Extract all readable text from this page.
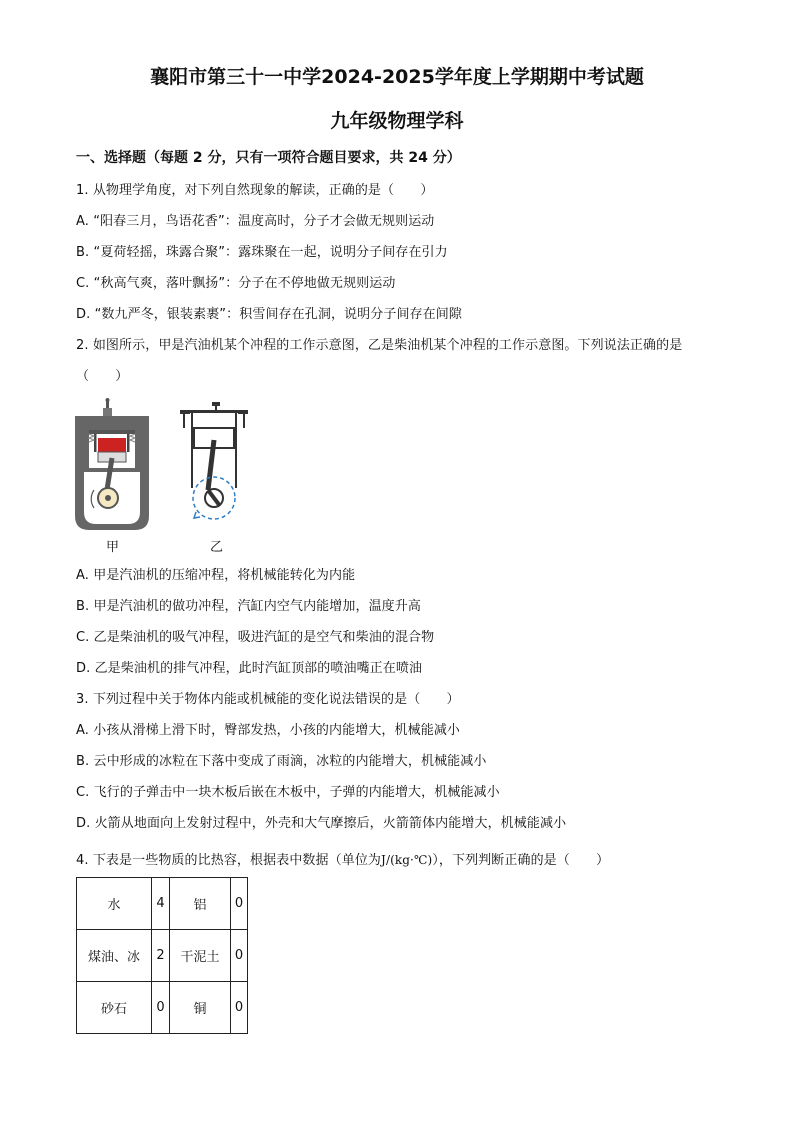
襄阳市第三十一中学2024-2025学年度上学期期中考试题
九年级物理学科
一、选择题（每题 2 分，只有一项符合题目要求，共 24 分）
1. 从物理学角度，对下列自然现象的解读，正确的是（　　）
A. “阳春三月，鸟语花香”：温度高时，分子才会做无规则运动
B. “夏荷轻摇，珠露合聚”：露珠聚在一起，说明分子间存在引力
C. “秋高气爽，落叶飘扬”：分子在不停地做无规则运动
D. “数九严冬，银装素裹”：积雪间存在孔洞，说明分子间存在间隙
2. 如图所示，甲是汽油机某个冲程的工作示意图，乙是柴油机某个冲程的工作示意图。下列说法正确的是
（　　）
甲	乙
A. 甲是汽油机的压缩冲程，将机械能转化为内能
B. 甲是汽油机的做功冲程，汽缸内空气内能增加，温度升高
C. 乙是柴油机的吸气冲程，吸进汽缸的是空气和柴油的混合物
D. 乙是柴油机的排气冲程，此时汽缸顶部的喷油嘴正在喷油
3. 下列过程中关于物体内能或机械能的变化说法错误的是（　　）
A. 小孩从滑梯上滑下时，臀部发热，小孩的内能增大，机械能减小
B. 云中形成的冰粒在下落中变成了雨滴，冰粒的内能增大，机械能减小
C. 飞行的子弹击中一块木板后嵌在木板中，子弹的内能增大，机械能减小
D. 火箭从地面向上发射过程中，外壳和大气摩擦后，火箭箭体内能增大，机械能减小
4. 下表是一些物质的比热容，根据表中数据（单位为J/(kg·℃)），下列判断正确的是（　　）
水	4	铝	0
煤油、冰	2	干泥土	0
砂石	0	铜	0
